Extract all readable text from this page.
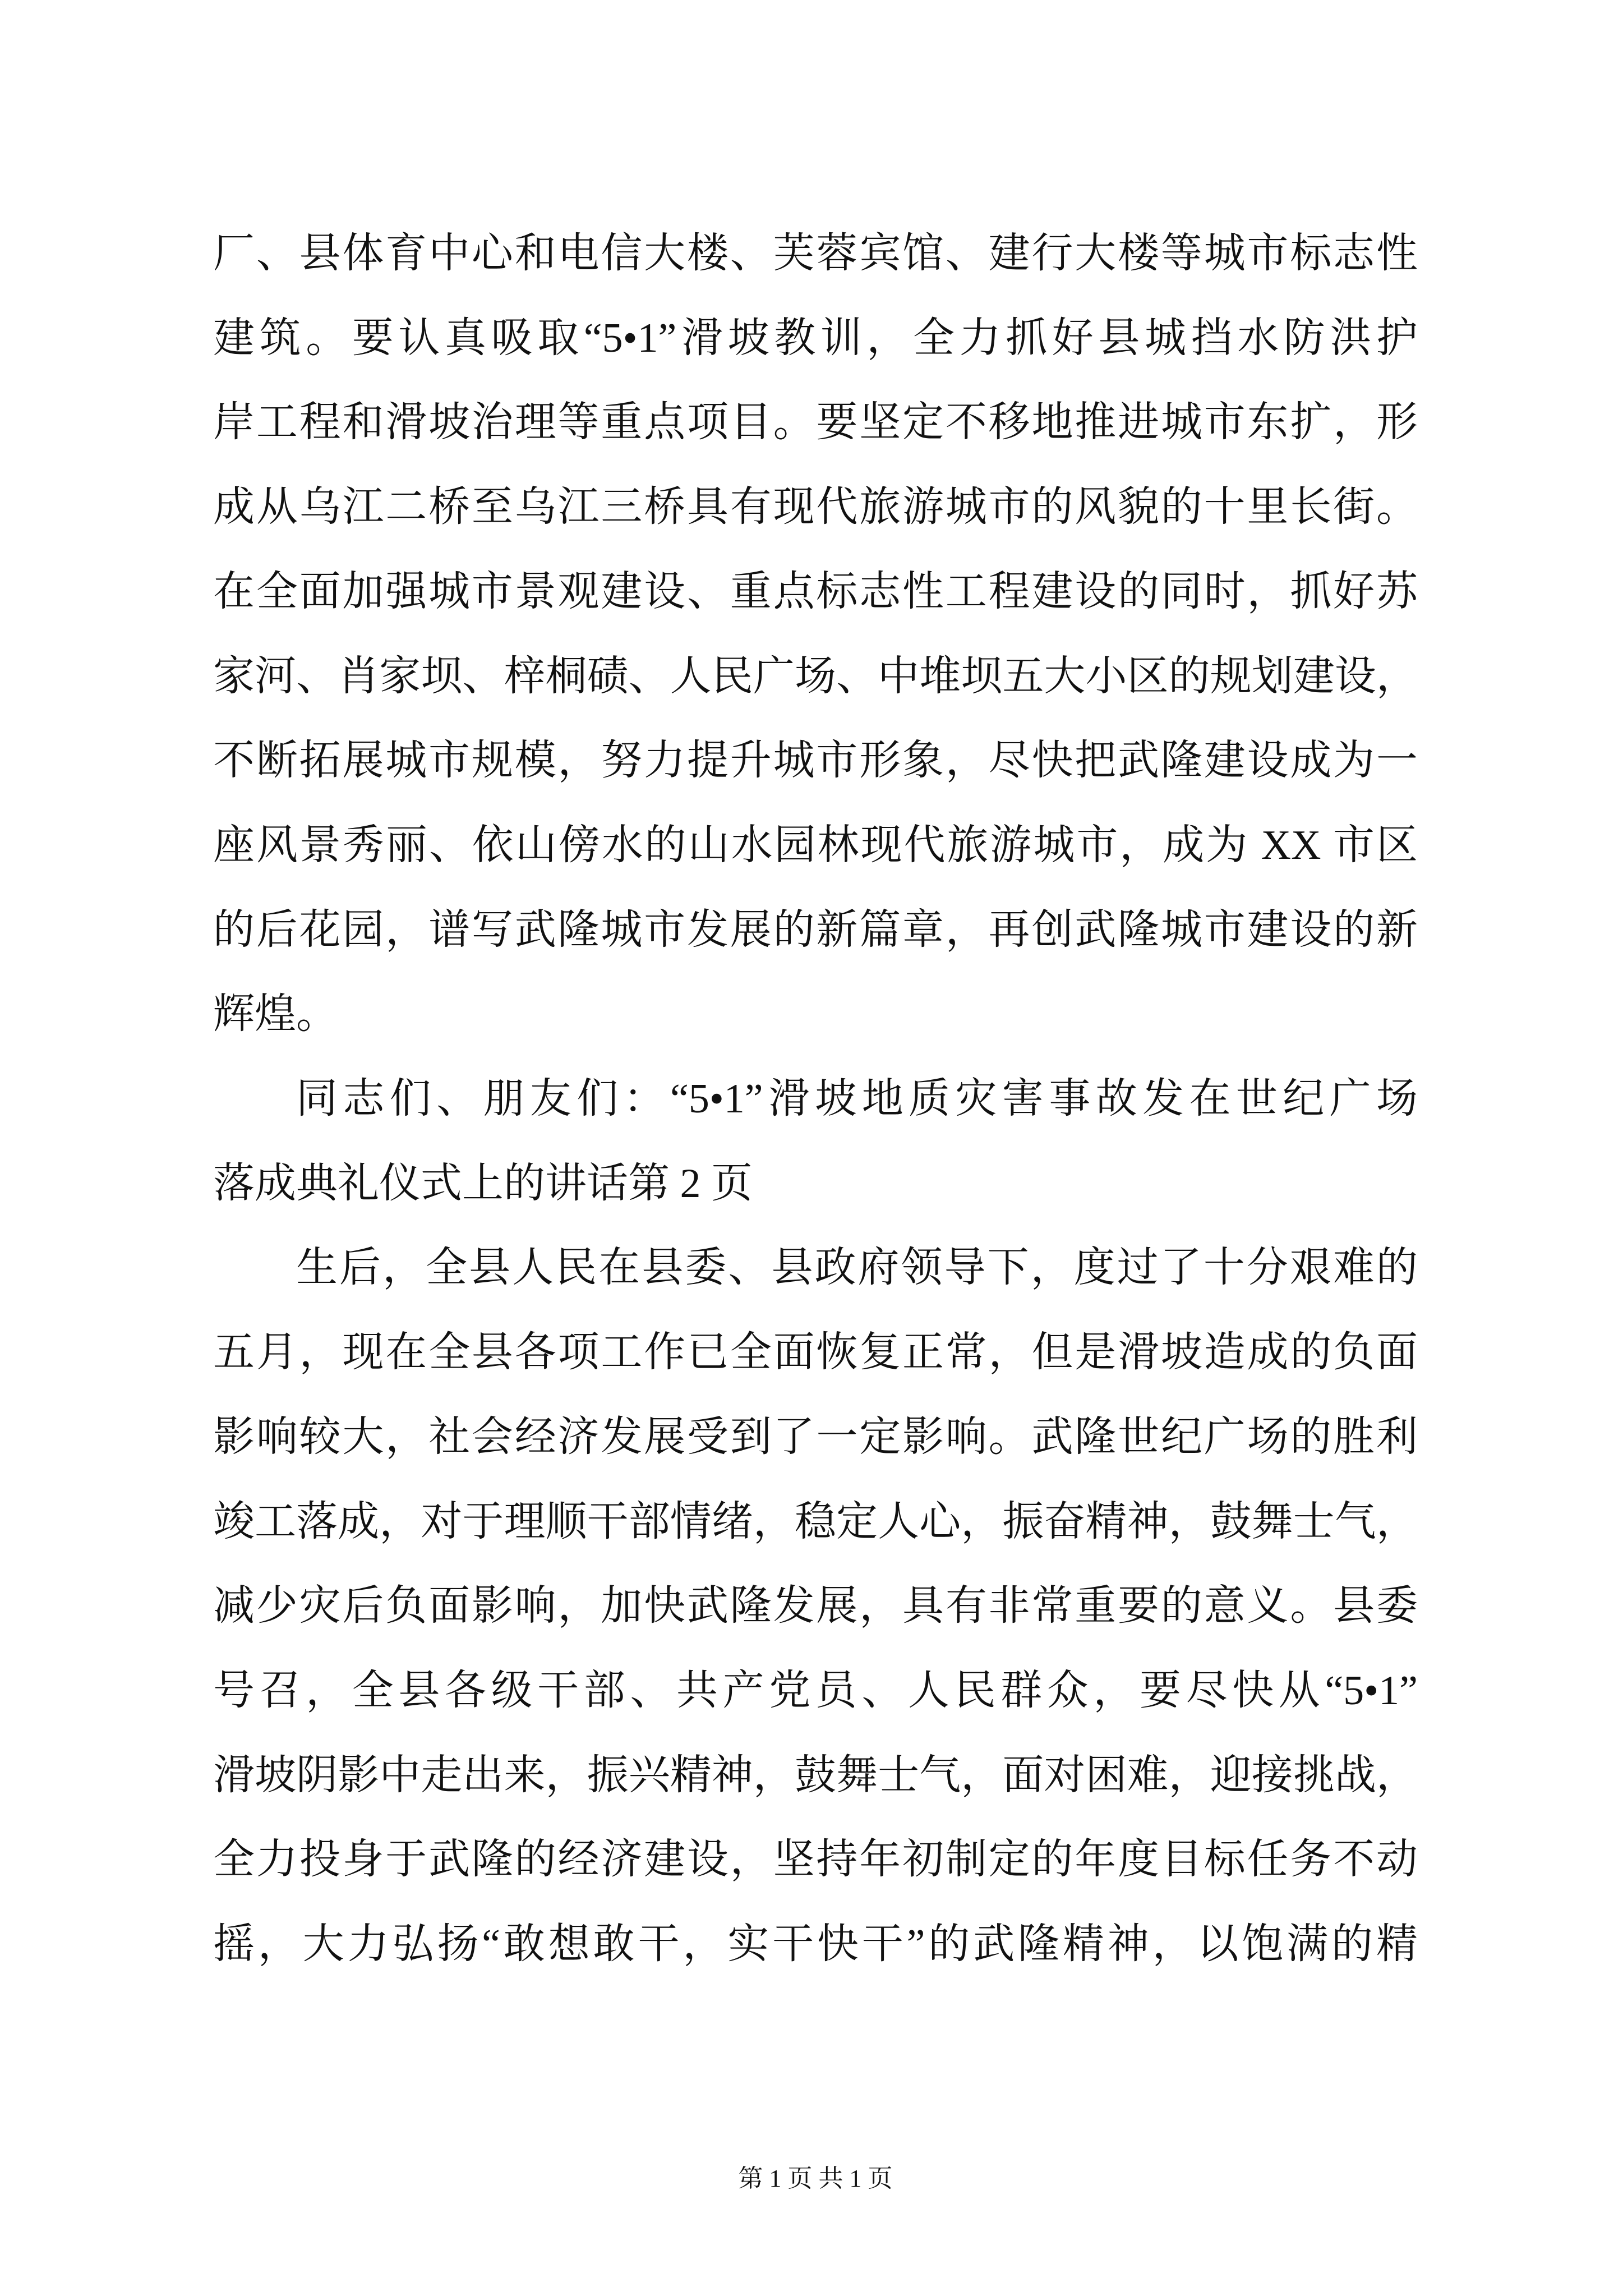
厂、县体育中心和电信大楼、芙蓉宾馆、建行大楼等城市标志性
建筑。要认真吸取“5•1”滑坡教训，全力抓好县城挡水防洪护
岸工程和滑坡治理等重点项目。要坚定不移地推进城市东扩，形
成从乌江二桥至乌江三桥具有现代旅游城市的风貌的十里长街。
在全面加强城市景观建设、重点标志性工程建设的同时，抓好苏
家河、肖家坝、梓桐碛、人民广场、中堆坝五大小区的规划建设，
不断拓展城市规模，努力提升城市形象，尽快把武隆建设成为一
座风景秀丽、依山傍水的山水园林现代旅游城市，成为 XX 市区
的后花园，谱写武隆城市发展的新篇章，再创武隆城市建设的新
辉煌。
同志们、朋友们：“5•1”滑坡地质灾害事故发在世纪广场
落成典礼仪式上的讲话第 2 页
生后，全县人民在县委、县政府领导下，度过了十分艰难的
五月，现在全县各项工作已全面恢复正常，但是滑坡造成的负面
影响较大，社会经济发展受到了一定影响。武隆世纪广场的胜利
竣工落成，对于理顺干部情绪，稳定人心，振奋精神，鼓舞士气，
减少灾后负面影响，加快武隆发展，具有非常重要的意义。县委
号召，全县各级干部、共产党员、人民群众，要尽快从“5•1”
滑坡阴影中走出来，振兴精神，鼓舞士气，面对困难，迎接挑战，
全力投身于武隆的经济建设，坚持年初制定的年度目标任务不动
摇，大力弘扬“敢想敢干，实干快干”的武隆精神，以饱满的精
第 1 页 共 1 页
